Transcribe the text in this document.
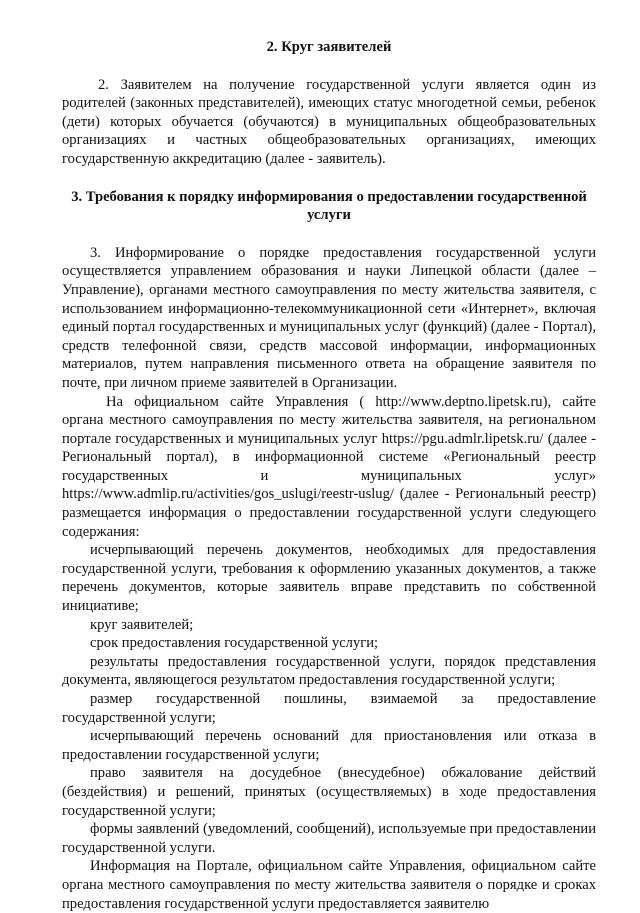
2. Круг заявителей

2. Заявителем на получение государственной услуги является один из родителей (законных представителей), имеющих статус многодетной семьи, ребенок (дети) которых обучается (обучаются) в муниципальных общеобразовательных организациях и частных общеобразовательных организациях, имеющих государственную аккредитацию (далее - заявитель).

3. Требования к порядку информирования о предоставлении государственной услуги

3. Информирование о порядке предоставления государственной услуги осуществляется управлением образования и науки Липецкой области (далее – Управление), органами местного самоуправления по месту жительства заявителя, с использованием информационно-телекоммуникационной сети «Интернет», включая единый портал государственных и муниципальных услуг (функций) (далее - Портал), средств телефонной связи, средств массовой информации, информационных материалов, путем направления письменного ответа на обращение заявителя по почте, при личном приеме заявителей в Организации.

На официальном сайте Управления ( http://www.deptno.lipetsk.ru), сайте органа местного самоуправления по месту жительства заявителя, на региональном портале государственных и муниципальных услуг https://pgu.admlr.lipetsk.ru/ (далее - Региональный портал), в информационной системе «Региональный реестр государственных и муниципальных услуг» https://www.admlip.ru/activities/gos_uslugi/reestr-uslug/ (далее - Региональный реестр) размещается информация о предоставлении государственной услуги следующего содержания:

исчерпывающий перечень документов, необходимых для предоставления государственной услуги, требования к оформлению указанных документов, а также перечень документов, которые заявитель вправе представить по собственной инициативе;

круг заявителей;

срок предоставления государственной услуги;

результаты предоставления государственной услуги, порядок представления документа, являющегося результатом предоставления государственной услуги;

размер государственной пошлины, взимаемой за предоставление государственной услуги;

исчерпывающий перечень оснований для приостановления или отказа в предоставлении государственной услуги;

право заявителя на досудебное (внесудебное) обжалование действий (бездействия) и решений, принятых (осуществляемых) в ходе предоставления государственной услуги;

формы заявлений (уведомлений, сообщений), используемые при предоставлении государственной услуги.

Информация на Портале, официальном сайте Управления, официальном сайте органа местного самоуправления по месту жительства заявителя о порядке и сроках предоставления государственной услуги предоставляется заявителю
